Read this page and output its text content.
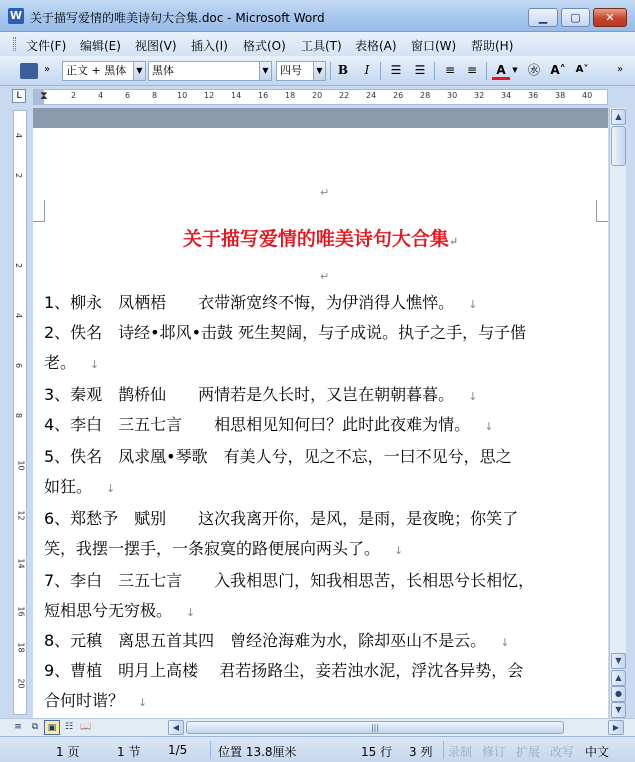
W 关于描写爱情的唯美诗句大合集.doc - Microsoft Word	▁	▢	✕
文件(F) 编辑(E) 视图(V) 插入(I) 格式(O) 工具(T) 表格(A) 窗口(W) 帮助(H)
»	正文 + 黑体	▼ 黑体	▼	四号	▼	B	I	☰	☰	≡ ≡	A ▼ ㊌ A˄ A˅	»
L	⧗	2	4	6	8 10 12 14 16 18 20 22 24 26 28 30 32 34 36 38 40
4
2
2
4
6
8
10
12
14
16
18
20
↵
关于描写爱情的唯美诗句大合集↵
↵
1、柳永　凤栖梧　　衣带渐宽终不悔，为伊消得人憔悴。 ↓
2、佚名　诗经•邶风•击鼓 死生契阔，与子成说。执子之手，与子偕
老。 ↓
3、秦观　鹊桥仙　　两情若是久长时，又岂在朝朝暮暮。 ↓
4、李白　三五七言　　相思相见知何曰？此时此夜难为情。 ↓
5、佚名　凤求凰•琴歌　有美人兮，见之不忘，一曰不见兮，思之
如狂。 ↓
6、郑愁予　赋别　　这次我离开你，是风，是雨，是夜晚；你笑了
笑，我摆一摆手，一条寂寞的路便展向两头了。 ↓
7、李白　三五七言　　入我相思门，知我相思苦，长相思兮长相忆，
短相思兮无穷极。 ↓
8、元稹　离思五首其四　曾经沧海难为水，除却巫山不是云。 ↓
9、曹植　明月上高楼　 君若扬路尘，妾若浊水泥，浮沈各异势，会
合何时谐？ ↓
▲
▼
▲
●
▼
≡	⧉	▣ ☷ 📖	◀	|||	▶
1 页	1 节 1/5	位置 13.8厘米	15 行 3 列 录制 修订 扩展 改写 中文
